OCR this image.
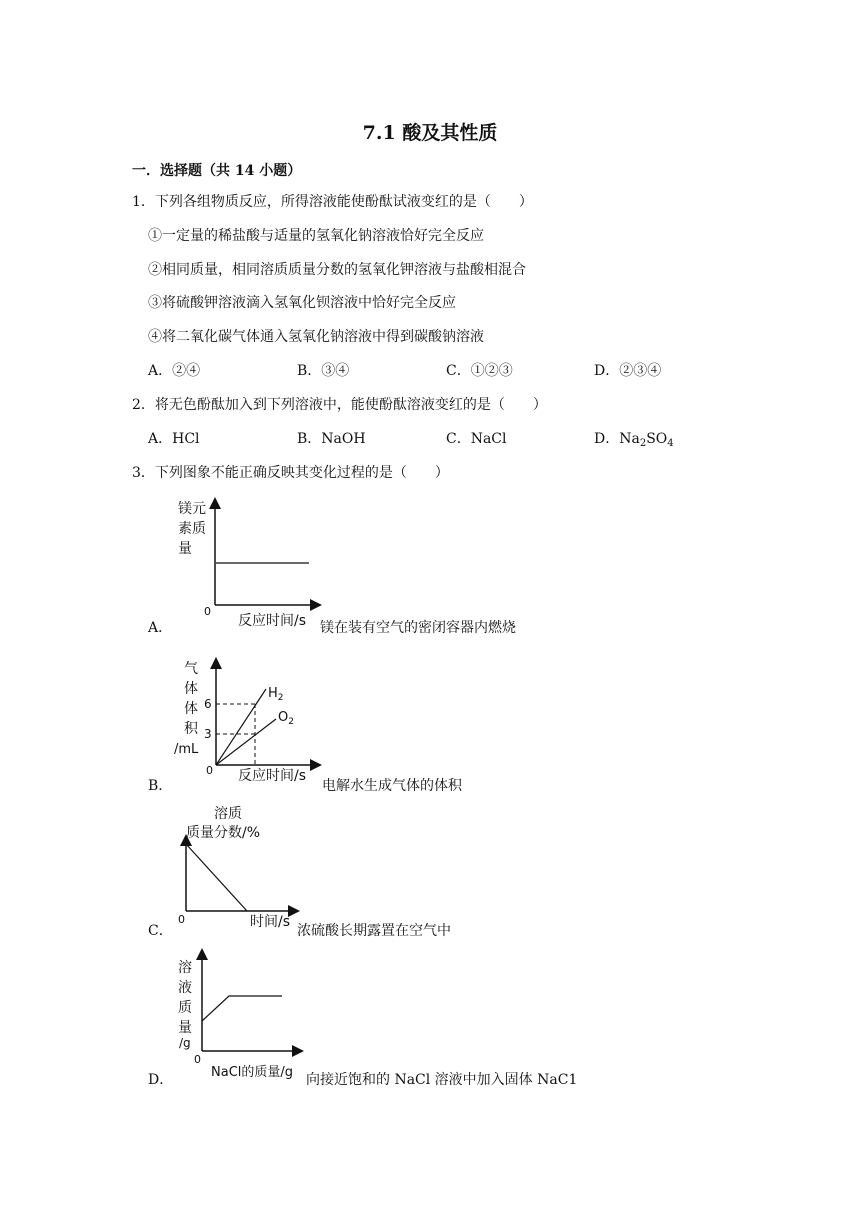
7.1 酸及其性质
一．选择题（共 14 小题）
1．下列各组物质反应，所得溶液能使酚酞试液变红的是（　　）
①一定量的稀盐酸与适量的氢氧化钠溶液恰好完全反应
②相同质量，相同溶质质量分数的氢氧化钾溶液与盐酸相混合
③将硫酸钾溶液滴入氢氧化钡溶液中恰好完全反应
④将二氧化碳气体通入氢氧化钠溶液中得到碳酸钠溶液
A．②④	B．③④	C．①②③	D．②③④
2．将无色酚酞加入到下列溶液中，能使酚酞溶液变红的是（　　）
A．HCl	B．NaOH	C．NaCl	D．$Na_2SO_4$
3．下列图象不能正确反映其变化过程的是（　　）
A．
镁元
素质
量
0
反应时间/s 镁在装有空气的密闭容器内燃烧
B．
气
体
体
积
/mL
6
3
$H_2$
$O_2$
0 反应时间/s
电解水生成气体的体积
C．
溶质
质量分数/%
0	时间/s
浓硫酸长期露置在空气中
D．
溶
液
质
量
/g
0
NaCl的质量/g 向接近饱和的 NaCl 溶液中加入固体 NaC1
